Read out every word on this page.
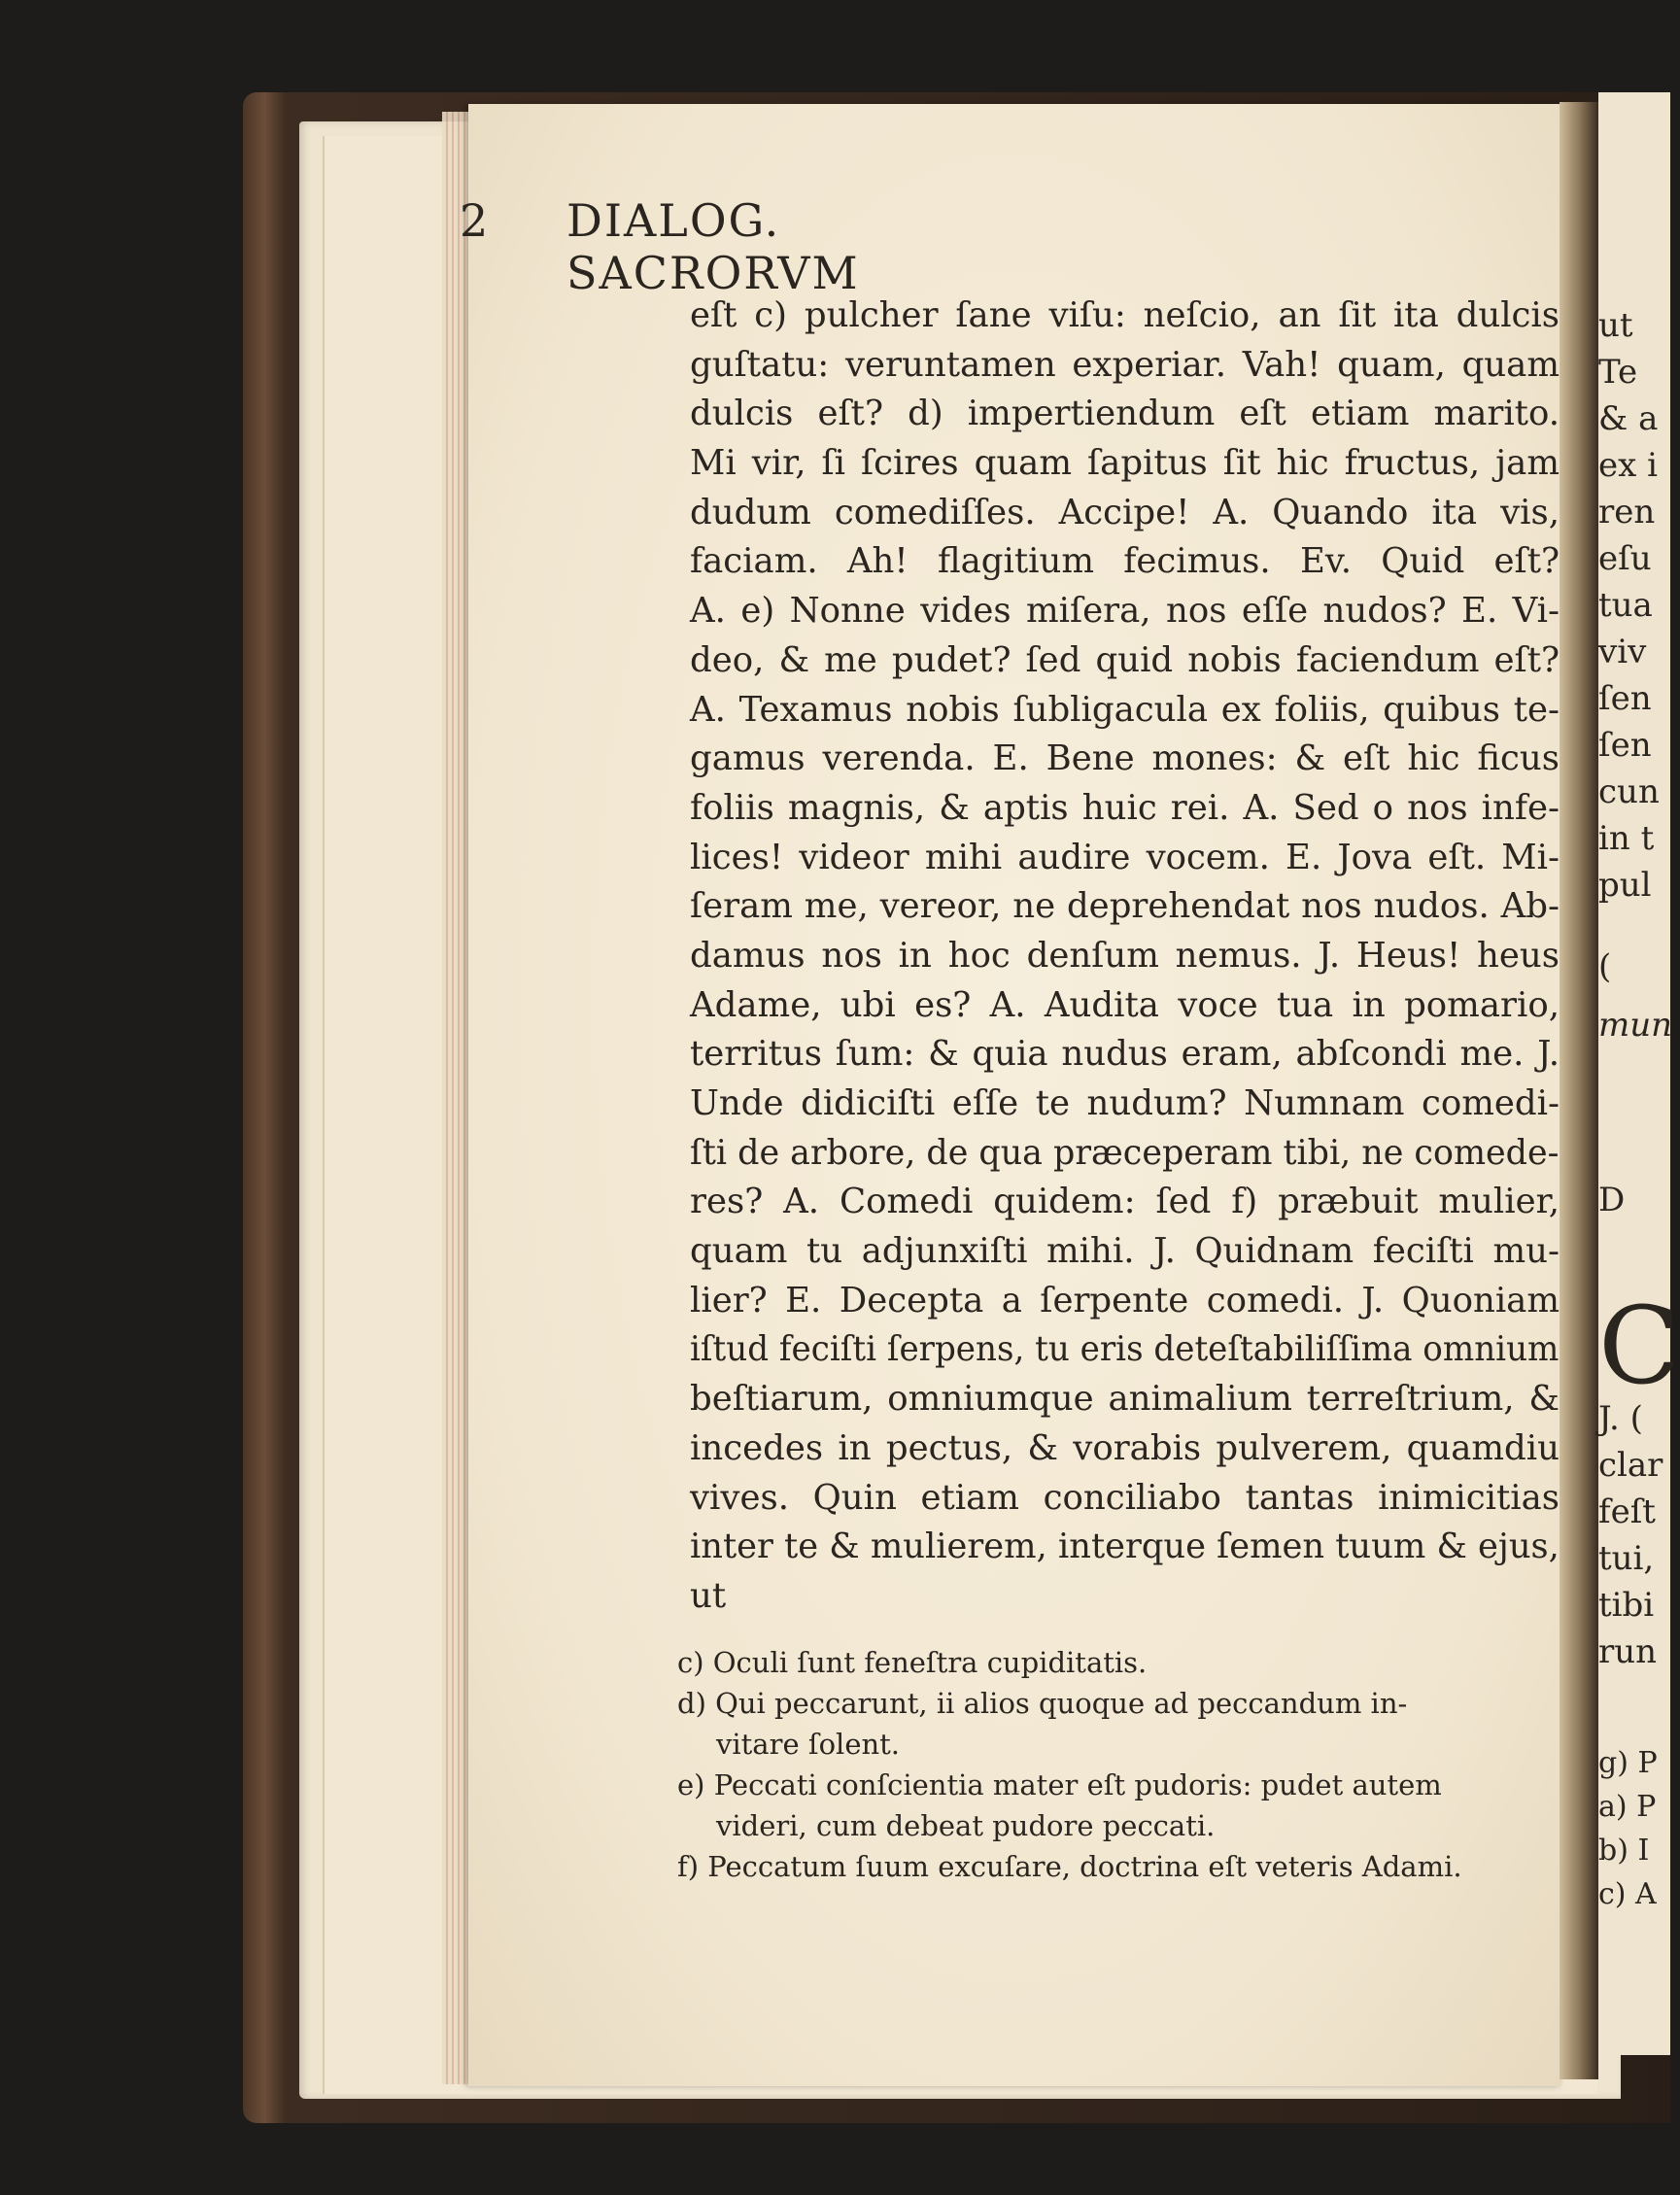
ut
Te
& a
ex i
ren
eſu
tua
viv
ſen
ſen
cun
in t
pul
(
mun
D
C
J. (
clar
feſt
tui,
tibi
run
g) P
a) P
b) I
c) A
2 DIALOG. SACRORVM
eſt c) pulcher ſane viſu: neſcio, an ſit ita dulcis
guſtatu: veruntamen experiar. Vah! quam, quam
dulcis eſt? d) impertiendum eſt etiam marito.
Mi vir, ſi ſcires quam ſapitus ſit hic fructus, jam
dudum comediſſes. Accipe! A. Quando ita vis,
faciam. Ah! flagitium fecimus. Ev. Quid eſt?
A. e) Nonne vides miſera, nos eſſe nudos? E. Vi-
deo, & me pudet? ſed quid nobis faciendum eſt?
A. Texamus nobis ſubligacula ex foliis, quibus te-
gamus verenda. E. Bene mones: & eſt hic ficus
foliis magnis, & aptis huic rei. A. Sed o nos infe-
lices! videor mihi audire vocem. E. Jova eſt. Mi-
ſeram me, vereor, ne deprehendat nos nudos. Ab-
damus nos in hoc denſum nemus. J. Heus! heus
Adame, ubi es? A. Audita voce tua in pomario,
territus ſum: & quia nudus eram, abſcondi me. J.
Unde didiciſti eſſe te nudum? Numnam comedi-
ſti de arbore, de qua præceperam tibi, ne comede-
res? A. Comedi quidem: ſed f) præbuit mulier,
quam tu adjunxiſti mihi. J. Quidnam feciſti mu-
lier? E. Decepta a ſerpente comedi. J. Quoniam
iſtud feciſti ſerpens, tu eris deteſtabiliſſima omnium
beſtiarum, omniumque animalium terreſtrium, &
incedes in pectus, & vorabis pulverem, quamdiu
vives. Quin etiam conciliabo tantas inimicitias
inter te & mulierem, interque ſemen tuum & ejus,
ut
c) Oculi ſunt feneſtra cupiditatis.
d) Qui peccarunt, ii alios quoque ad peccandum in-
vitare ſolent.
e) Peccati conſcientia mater eſt pudoris: pudet autem
videri, cum debeat pudore peccati.
f) Peccatum ſuum excuſare, doctrina eſt veteris Adami.
